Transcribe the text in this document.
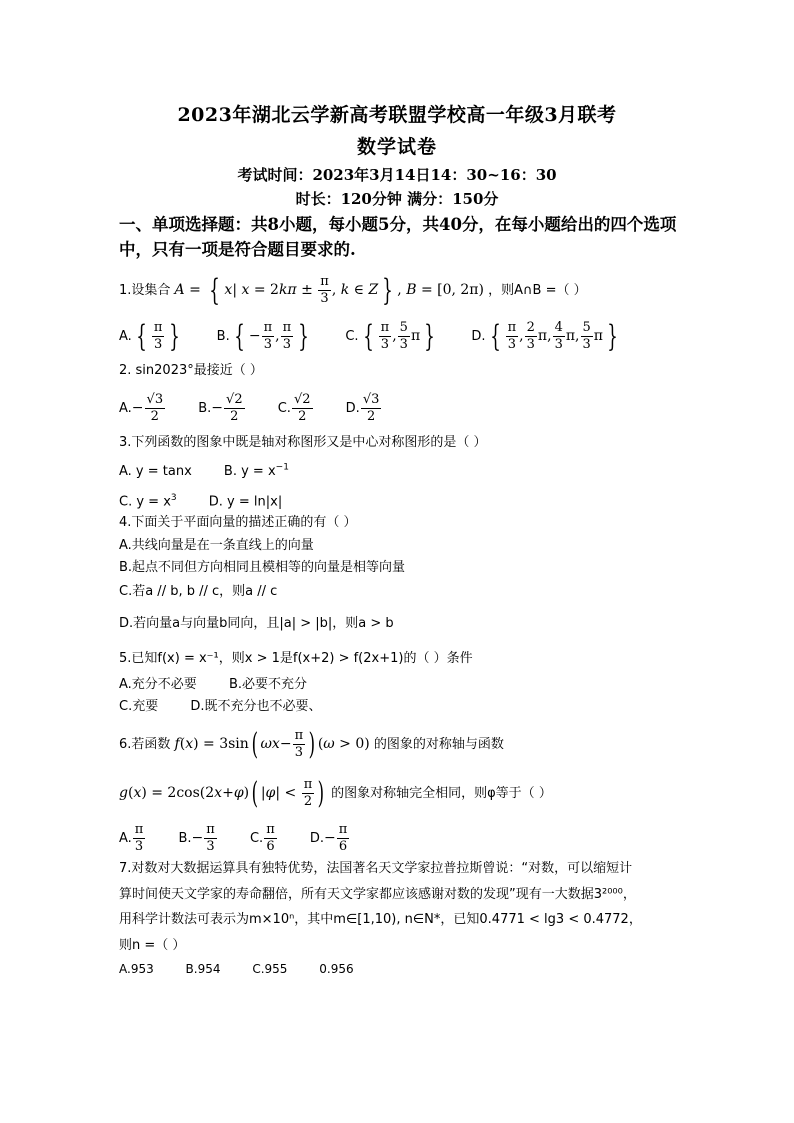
2023年湖北云学新高考联盟学校高一年级3月联考
数学试卷
考试时间：2023年3月14日14：30~16：30
时长：120分钟 满分：150分
一、单项选择题：共8小题，每小题5分，共40分，在每小题给出的四个选项
中，只有一项是符合题目要求的.
1.设集合 A = { x| $x = 2k\pi \pm \frac{\pi}{3}$ , k ∈ Z } , B = [0, 2π) ，则A∩B =（ ）
A. { $\frac{\pi}{3}$ }	B. { − $\frac{\pi}{3}$ , $\frac{\pi}{3}$ }	C. { $\frac{\pi}{3}$ , $\frac{5}{3}$ π }	D. { $\frac{\pi}{3}$ , $\frac{2}{3} \pi$, $\frac{4}{3} \pi$, $\frac{5}{3}$ π }
2. sin2023°最接近（ ）
$A.- \frac{√3}{2}$	$B.- \frac{√2}{2}$	C. $\frac{√2}{2}$	D. $\frac{√3}{2}$
3.下列函数的图象中既是轴对称图形又是中心对称图形的是（ ）
A. y = tanx B. $y = x^{-1}$
C. $y = x^3$ D. y = ln|x|
4.下面关于平面向量的描述正确的有（ ）
A.共线向量是在一条直线上的向量
B.起点不同但方向相同且模相等的向量是相等向量
C.若a // b, b // c，则a // c
D.若向量a与向量b同向，且|a| > |b|，则a > b
5.已知f(x) = x⁻¹，则x > 1是f(x+2) > f(2x+1)的（ ）条件
A.充分不必要 B.必要不充分
C.充要 D.既不充分也不必要、
6.若函数 f(x) = 3sin( $\omega x- \frac{\pi}{3}$ ) (ω > 0) 的图象的对称轴与函数
g(x) = 2cos(2x+φ)( $|\varphi| < \frac{\pi}{2}$ ) 的图象对称轴完全相同，则φ等于（ ）
A. $\frac{\pi}{3}$	$B.- \frac{\pi}{3}$	C. $\frac{\pi}{6}$	$D.- \frac{\pi}{6}$
7.对数对大数据运算具有独特优势，法国著名天文学家拉普拉斯曾说：“对数，可以缩短计
算时间使天文学家的寿命翻倍，所有天文学家都应该感谢对数的发现”现有一大数据3²⁰⁰⁰，
用科学计数法可表示为m×10ⁿ，其中m∈[1,10), n∈N*，已知0.4771 < lg3 < 0.4772，
则n =（ ）
A.953	B.954	C.955	0.956
